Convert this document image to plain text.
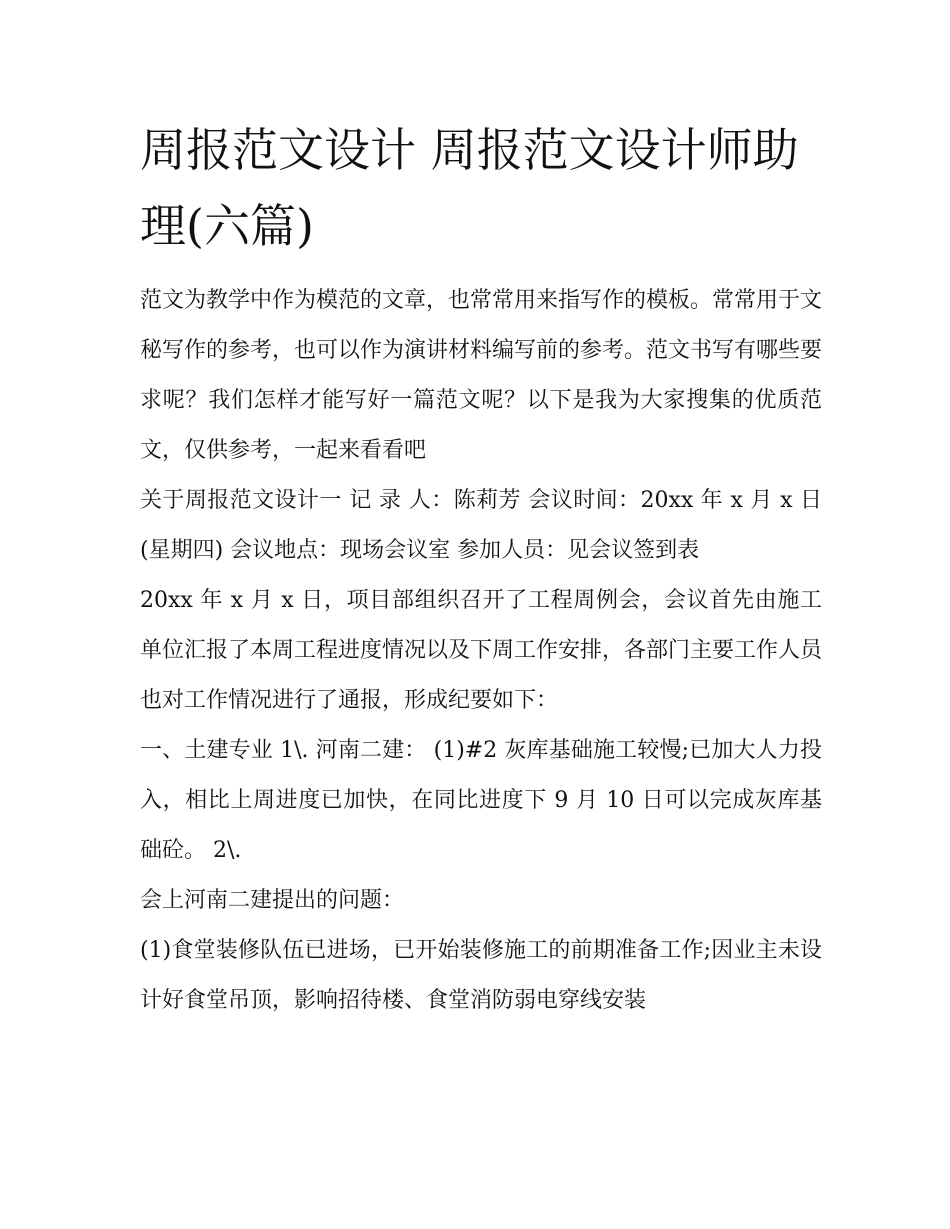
周报范文设计 周报范文设计师助理(六篇)

范文为教学中作为模范的文章，也常常用来指写作的模板。常常用于文秘写作的参考，也可以作为演讲材料编写前的参考。范文书写有哪些要求呢？我们怎样才能写好一篇范文呢？以下是我为大家搜集的优质范文，仅供参考，一起来看看吧

关于周报范文设计一 记 录 人：陈莉芳 会议时间：20xx 年 x 月 x 日(星期四) 会议地点：现场会议室 参加人员：见会议签到表

20xx 年 x 月 x 日，项目部组织召开了工程周例会，会议首先由施工单位汇报了本周工程进度情况以及下周工作安排，各部门主要工作人员也对工作情况进行了通报，形成纪要如下：

一、土建专业 1\. 河南二建： (1)#2 灰库基础施工较慢;已加大人力投入，相比上周进度已加快，在同比进度下 9 月 10 日可以完成灰库基础砼。 2\.

会上河南二建提出的问题：

(1)食堂装修队伍已进场，已开始装修施工的前期准备工作;因业主未设计好食堂吊顶，影响招待楼、食堂消防弱电穿线安装
